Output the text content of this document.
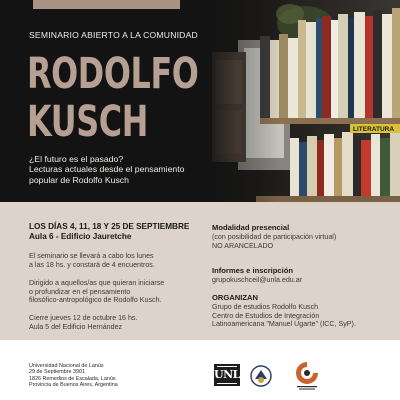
SEMINARIO ABIERTO A LA COMUNIDAD
RODOLFO
KUSCH
¿El futuro es el pasado?
Lecturas actuales desde el pensamiento
popular de Rodolfo Kusch
LOS DÍAS 4, 11, 18 Y 25 DE SEPTIEMBRE
Aula 6 - Edificio Jauretche
El seminario se llevará a cabo los lunes
a las 18 hs. y constará de 4 encuentros.
Dirigido a aquellos/as que quieran iniciarse
o profundizar en el pensamiento
filosófico-antropológico de Rodolfo Kusch.
Cierre jueves 12 de octubre 16 hs.
Aula 5 del Edificio Hernández
Modalidad presencial
(con posibilidad de participación virtual)
NO ARANCELADO
Informes e inscripción
grupokuschceil@unla.edu.ar
ORGANIZAN
Grupo de estudios Rodolfo Kusch
Centro de Estudios de Integración
Latinoamericana "Manuel Ugarte" (ICC, SyP).
Universidad Nacional de Lanús
29 de Septiembre 3901
1826 Remedios de Escalada, Lanús
Provincia de Buenos Aires, Argentina
UNLa
